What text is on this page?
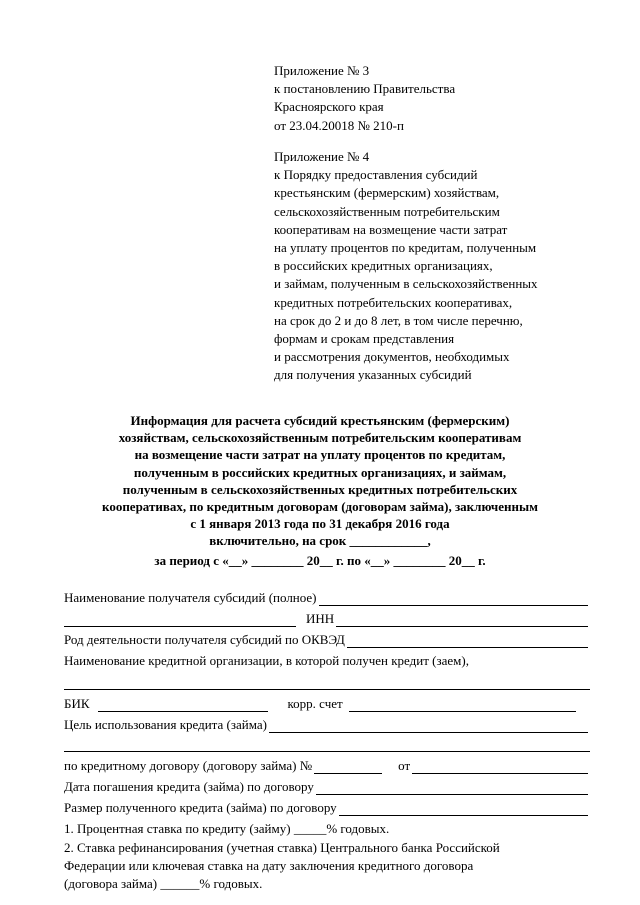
Приложение № 3
к постановлению Правительства
Красноярского края
от 23.04.20018 № 210-п
Приложение № 4
к Порядку предоставления субсидий
крестьянским (фермерским) хозяйствам,
сельскохозяйственным потребительским
кооперативам на возмещение части затрат
на уплату процентов по кредитам, полученным
в российских кредитных организациях,
и займам, полученным в сельскохозяйственных
кредитных потребительских кооперативах,
на срок до 2 и до 8 лет, в том числе перечню,
формам и срокам представления
и рассмотрения документов, необходимых
для получения указанных субсидий
Информация для расчета субсидий крестьянским (фермерским)
хозяйствам, сельскохозяйственным потребительским кооперативам
на возмещение части затрат на уплату процентов по кредитам,
полученным в российских кредитных организациях, и займам,
полученным в сельскохозяйственных кредитных потребительских
кооперативах, по кредитным договорам (договорам займа), заключенным
с 1 января 2013 года по 31 декабря 2016 года
включительно, на срок ____________,
за период с «__» ________ 20__ г. по «__» ________ 20__ г.
Наименование получателя субсидий (полное)
ИНН
Род деятельности получателя субсидий по ОКВЭД
Наименование кредитной организации, в которой получен кредит (заем),
БИК	корр. счет
Цель использования кредита (займа)
по кредитному договору (договору займа) №	от
Дата погашения кредита (займа) по договору
Размер полученного кредита (займа) по договору
1. Процентная ставка по кредиту (займу) _____% годовых.
2. Ставка рефинансирования (учетная ставка) Центрального банка Российской
Федерации или ключевая ставка на дату заключения кредитного договора
(договора займа) ______% годовых.
